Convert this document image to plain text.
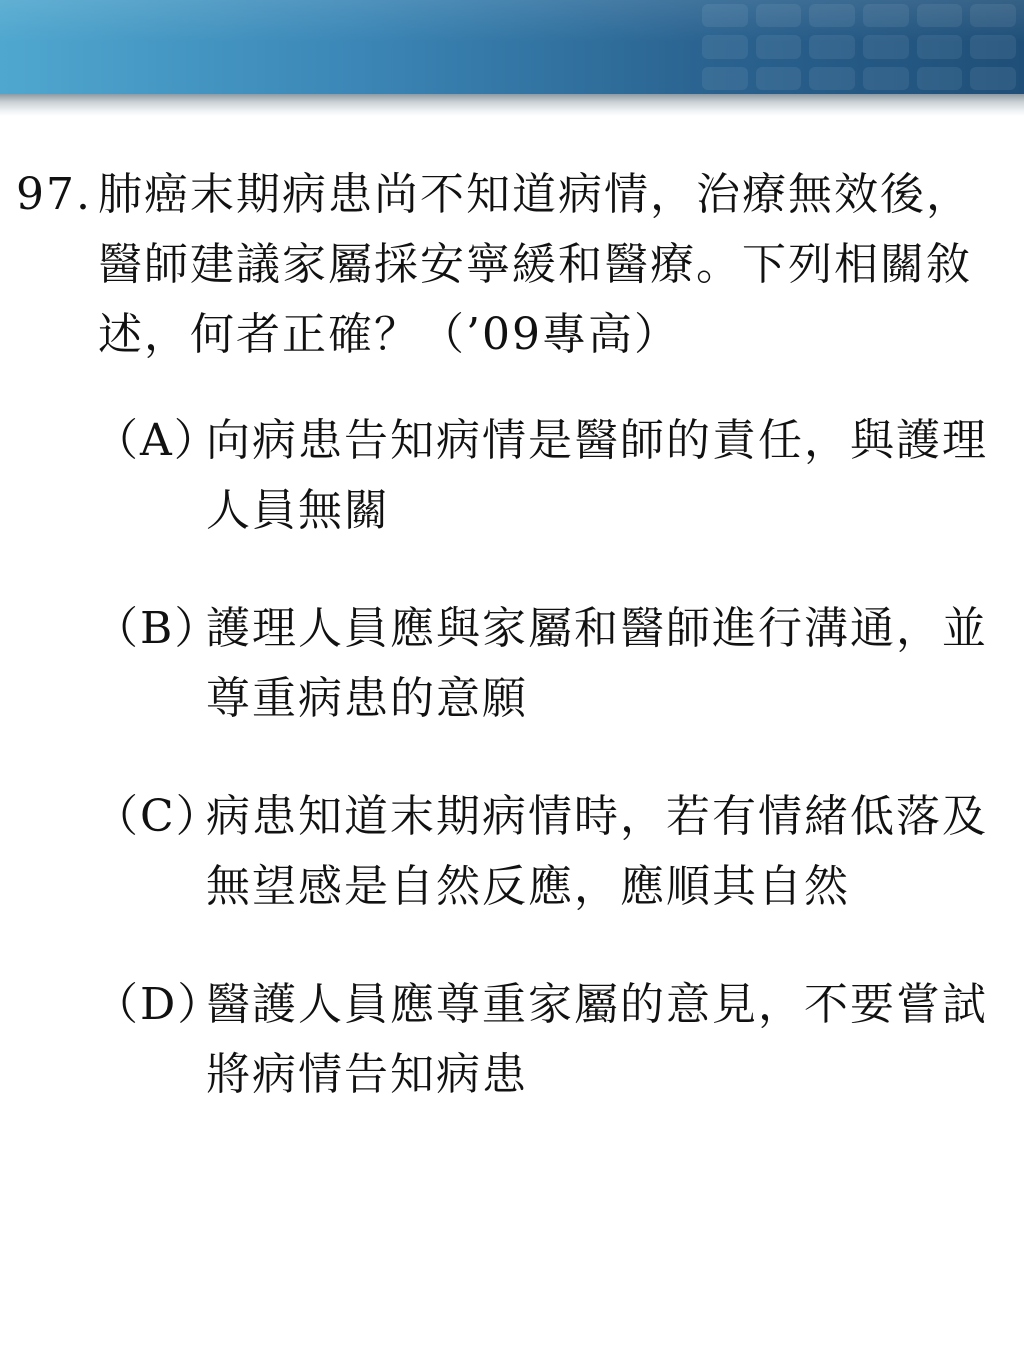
97. 肺癌末期病患尚不知道病情，治療無效後，醫師建議家屬採安寧緩和醫療。下列相關敘述，何者正確？（’09專高）
（A）
向病患告知病情是醫師的責任，與護理人員無關
（B）
護理人員應與家屬和醫師進行溝通，並尊重病患的意願
（C）
病患知道末期病情時，若有情緒低落及無望感是自然反應，應順其自然
（D）
醫護人員應尊重家屬的意見，不要嘗試將病情告知病患
